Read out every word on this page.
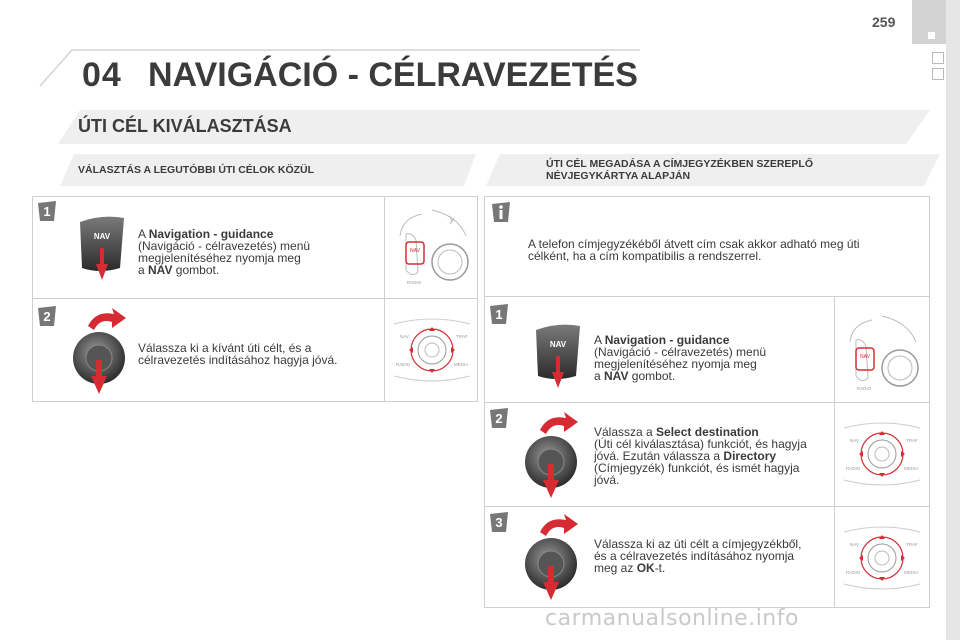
259
04 NAVIGÁCIÓ - CÉLRAVEZETÉS
ÚTI CÉL KIVÁLASZTÁSA
VÁLASZTÁS A LEGUTÓBBI ÚTI CÉLOK KÖZÜL	ÚTI CÉL MEGADÁSA A CÍMJEGYZÉKBEN SZEREPLŐ
NÉVJEGYKÁRTYA ALAPJÁN
1
NAV A Navigation - guidance
(Navigáció - célravezetés) menü
megjelenítéséhez nyomja meg
a NAV gombot.
NAV
RADIO
2
Válassza ki a kívánt úti célt, és a
célravezetés indításához hagyja jóvá.
NAV	TRAF
RADIO	MEDIA
A telefon címjegyzékéből átvett cím csak akkor adható meg úti
célként, ha a cím kompatibilis a rendszerrel.
1
NAV A Navigation - guidance
(Navigáció - célravezetés) menü
megjelenítéséhez nyomja meg
a NAV gombot.
NAV
RADIO
2
Válassza a Select destination
(Úti cél kiválasztása) funkciót, és hagyja
jóvá. Ezután válassza a Directory
(Címjegyzék) funkciót, és ismét hagyja
jóvá.
NAV	TRAF
RADIO	MEDIA
3
Válassza ki az úti célt a címjegyzékből,
és a célravezetés indításához nyomja
meg az OK-t.
NAV	TRAF
RADIO	MEDIA
carmanualsonline.info
